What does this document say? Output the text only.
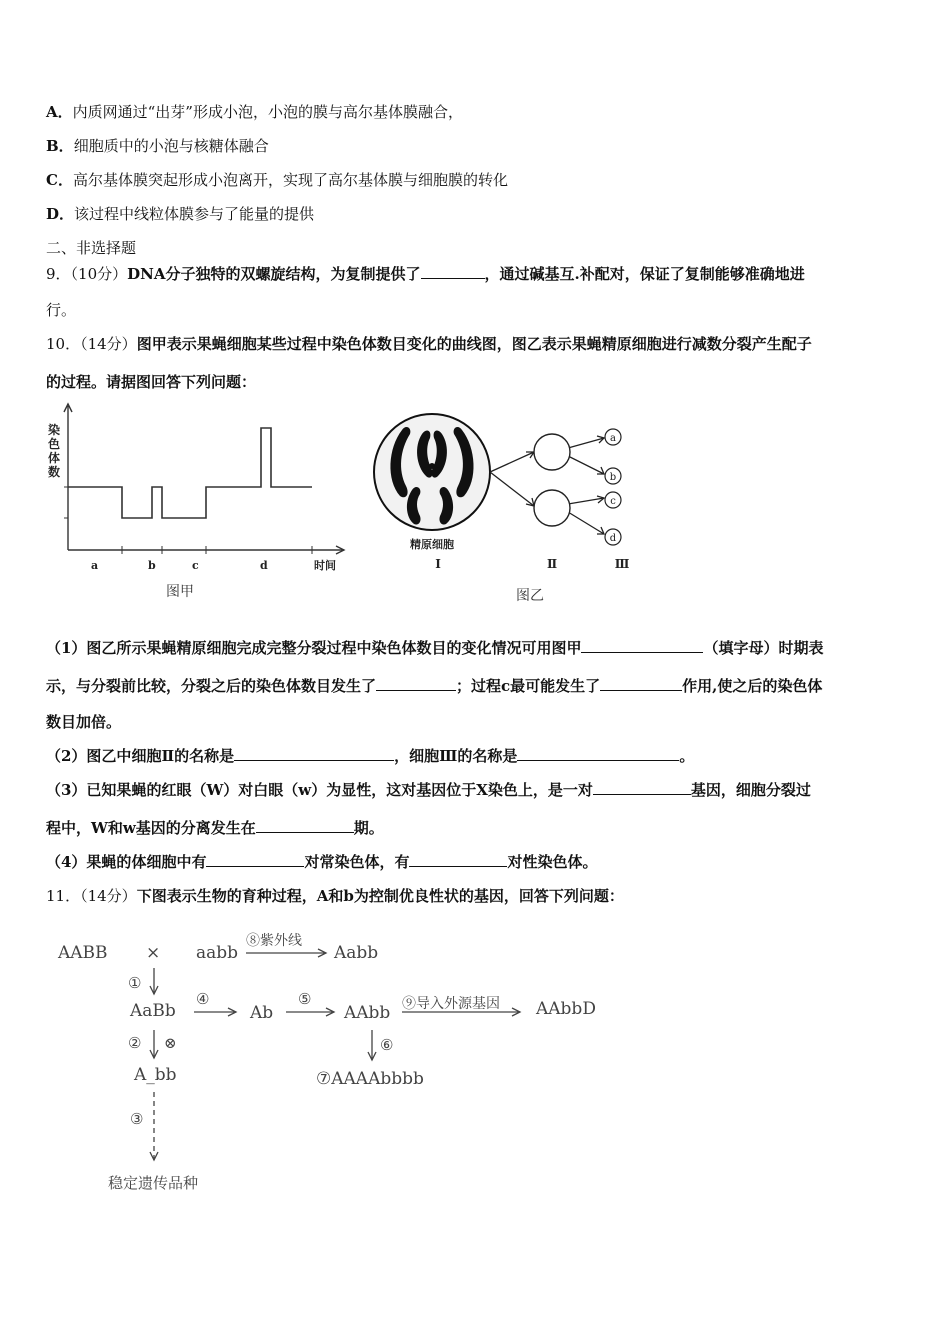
A．内质网通过“出芽”形成小泡，小泡的膜与高尔基体膜融合，
B．细胞质中的小泡与核糖体融合
C．高尔基体膜突起形成小泡离开，实现了高尔基体膜与细胞膜的转化
D．该过程中线粒体膜参与了能量的提供
二、非选择题
9．（10分）DNA分子独特的双螺旋结构，为复制提供了	，通过碱基互.补配对，保证了复制能够准确地进
行。
10．（14分）图甲表示果蝇细胞某些过程中染色体数目变化的曲线图，图乙表示果蝇精原细胞进行减数分裂产生配子
的过程。请据图回答下列问题：
染
色
体
数
a	b	c	d	时间
图甲
a
b
c
d
精原细胞
Ⅰ	Ⅱ	Ⅲ
图乙
（1）图乙所示果蝇精原细胞完成完整分裂过程中染色体数目的变化情况可用图甲	（填字母）时期表
示，与分裂前比较，分裂之后的染色体数目发生了	；过程c最可能发生了	作用,使之后的染色体
数目加倍。
（2）图乙中细胞Ⅱ的名称是	，细胞Ⅲ的名称是	。
（3）已知果蝇的红眼（W）对白眼（w）为显性，这对基因位于X染色上，是一对	基因，细胞分裂过
程中，W和w基因的分离发生在	期。
（4）果蝇的体细胞中有	对常染色体，有	对性染色体。
11．（14分）下图表示生物的育种过程，A和b为控制优良性状的基因，回答下列问题：
AABB × aabb
⑧紫外线
Aabb
①
AaBb
④
Ab
⑤
AAbb ⑨导入外源基因 AAbbD
② ⊗
A_bb
⑥
⑦AAAAbbbb
③
稳定遗传品种
